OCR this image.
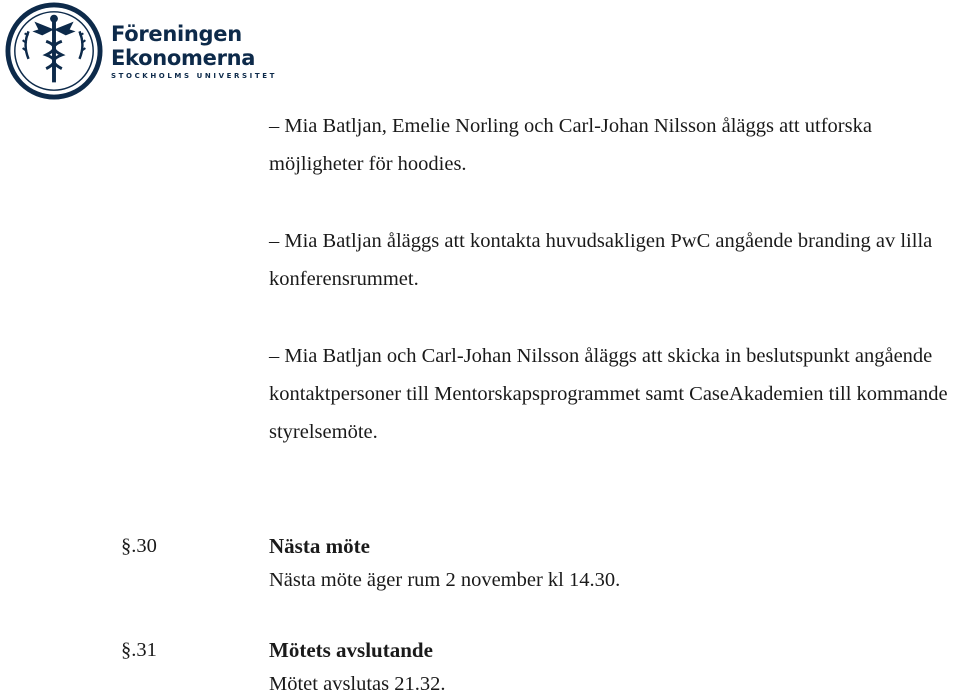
Föreningen
Ekonomerna
STOCKHOLMS UNIVERSITET

– Mia Batljan, Emelie Norling och Carl-Johan Nilsson åläggs att utforska möjligheter för hoodies.

– Mia Batljan åläggs att kontakta huvudsakligen PwC angående branding av lilla konferensrummet.

– Mia Batljan och Carl-Johan Nilsson åläggs att skicka in beslutspunkt angående kontaktpersoner till Mentorskapsprogrammet samt CaseAkademien till kommande styrelsemöte.

§.30	Nästa möte
Nästa möte äger rum 2 november kl 14.30.
§.31	Mötets avslutande
Mötet avslutas 21.32.
